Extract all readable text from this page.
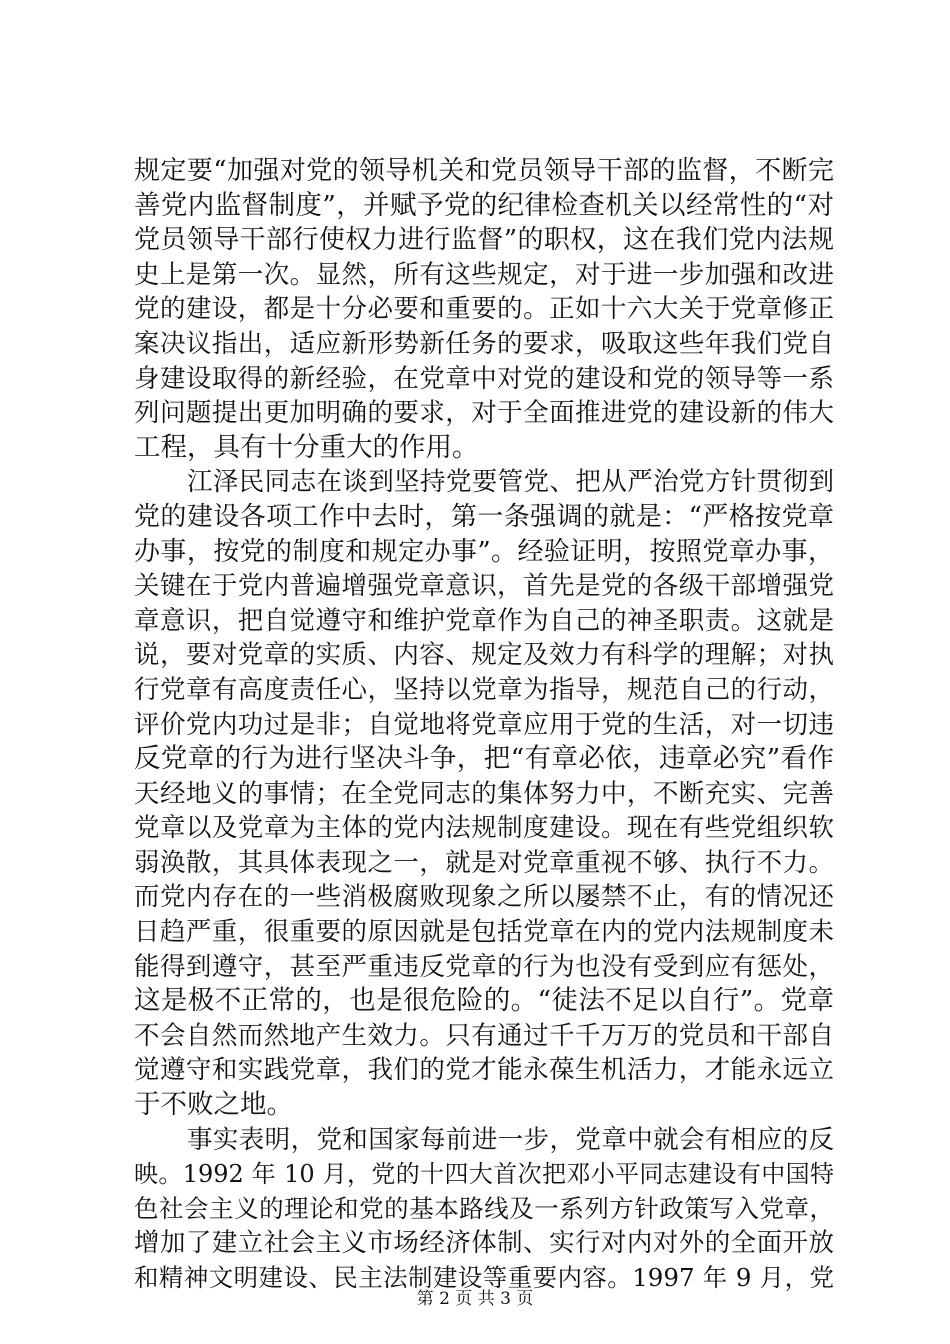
规定要“加强对党的领导机关和党员领导干部的监督，不断完
善党内监督制度”，并赋予党的纪律检查机关以经常性的“对
党员领导干部行使权力进行监督”的职权，这在我们党内法规
史上是第一次。显然，所有这些规定，对于进一步加强和改进
党的建设，都是十分必要和重要的。正如十六大关于党章修正
案决议指出，适应新形势新任务的要求，吸取这些年我们党自
身建设取得的新经验，在党章中对党的建设和党的领导等一系
列问题提出更加明确的要求，对于全面推进党的建设新的伟大
工程，具有十分重大的作用。
江泽民同志在谈到坚持党要管党、把从严治党方针贯彻到
党的建设各项工作中去时，第一条强调的就是：“严格按党章
办事，按党的制度和规定办事”。经验证明，按照党章办事，
关键在于党内普遍增强党章意识，首先是党的各级干部增强党
章意识，把自觉遵守和维护党章作为自己的神圣职责。这就是
说，要对党章的实质、内容、规定及效力有科学的理解；对执
行党章有高度责任心，坚持以党章为指导，规范自己的行动，
评价党内功过是非；自觉地将党章应用于党的生活，对一切违
反党章的行为进行坚决斗争，把“有章必依，违章必究”看作
天经地义的事情；在全党同志的集体努力中，不断充实、完善
党章以及党章为主体的党内法规制度建设。现在有些党组织软
弱涣散，其具体表现之一，就是对党章重视不够、执行不力。
而党内存在的一些消极腐败现象之所以屡禁不止，有的情况还
日趋严重，很重要的原因就是包括党章在内的党内法规制度未
能得到遵守，甚至严重违反党章的行为也没有受到应有惩处，
这是极不正常的，也是很危险的。“徒法不足以自行”。党章
不会自然而然地产生效力。只有通过千千万万的党员和干部自
觉遵守和实践党章，我们的党才能永葆生机活力，才能永远立
于不败之地。
事实表明，党和国家每前进一步，党章中就会有相应的反
映。1992 年 10 月，党的十四大首次把邓小平同志建设有中国特
色社会主义的理论和党的基本路线及一系列方针政策写入党章，
增加了建立社会主义市场经济体制、实行对内对外的全面开放
和精神文明建设、民主法制建设等重要内容。1997 年 9 月，党
第 2 页 共 3 页
